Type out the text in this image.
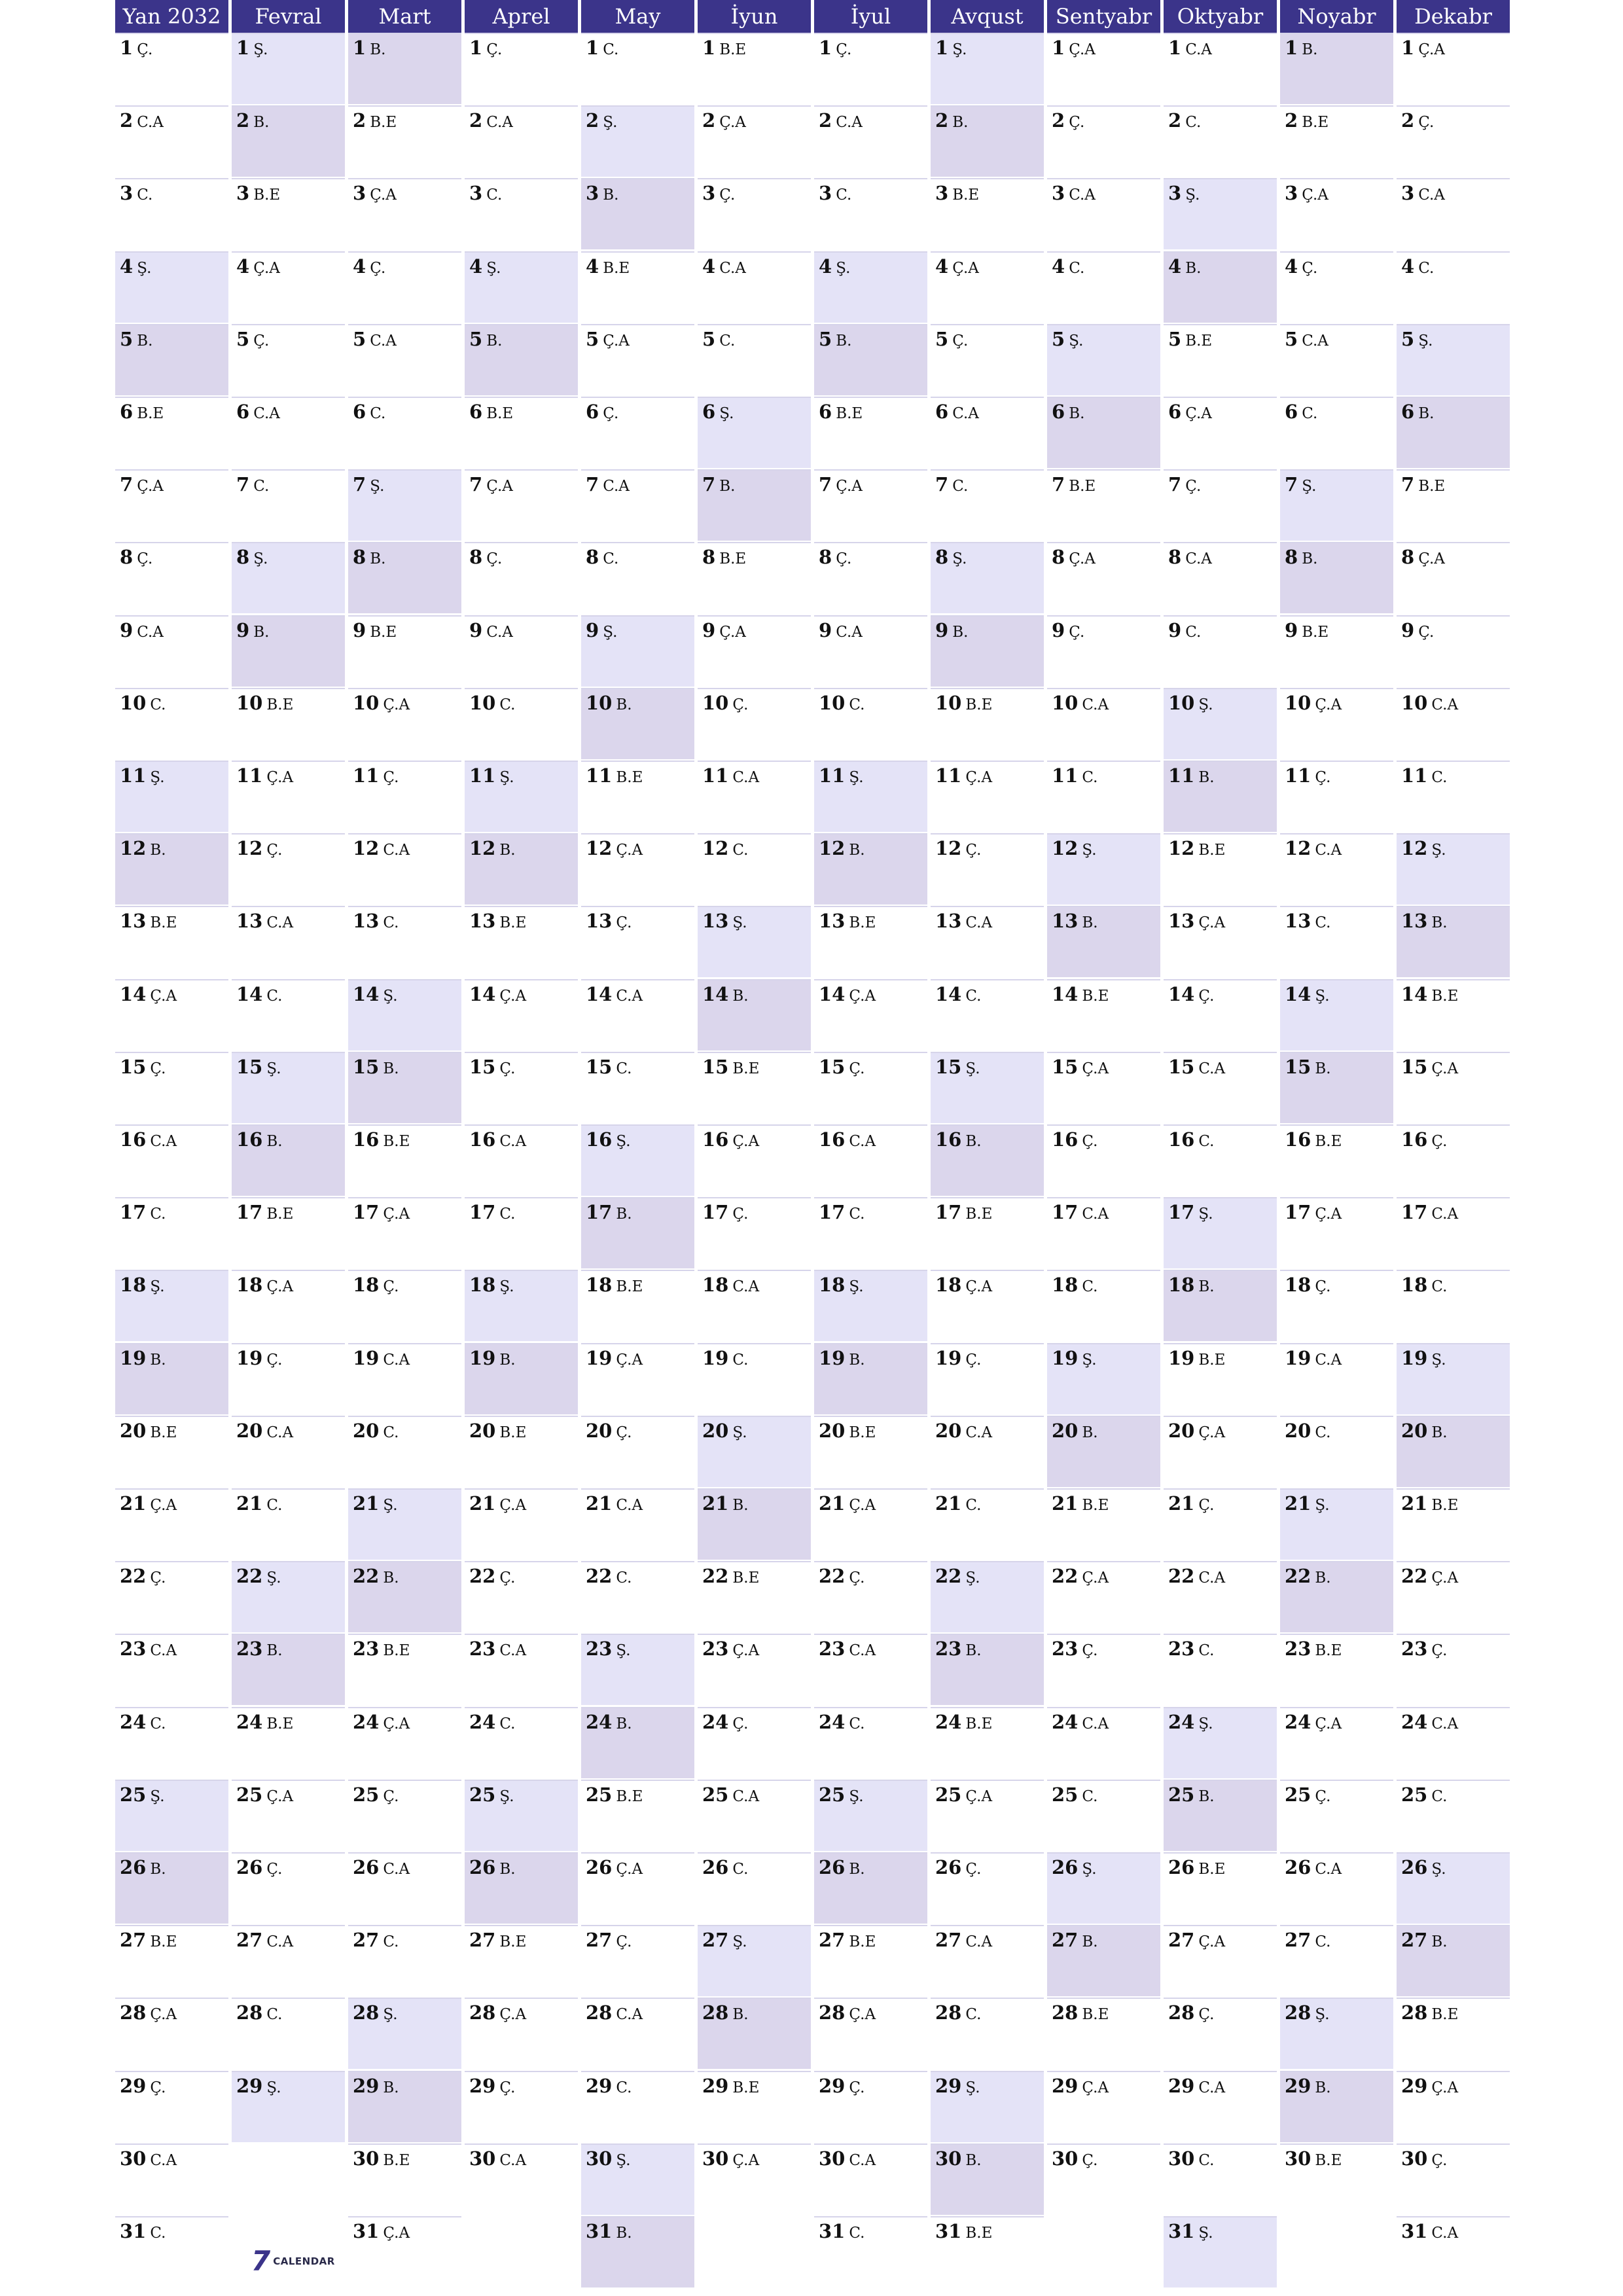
Yan 2032
1 Ç.
2 C.A
3 C.
4 Ş.
5 B.
6 B.E
7 Ç.A
8 Ç.
9 C.A
10 C.
11 Ş.
12 B.
13 B.E
14 Ç.A
15 Ç.
16 C.A
17 C.
18 Ş.
19 B.
20 B.E
21 Ç.A
22 Ç.
23 C.A
24 C.
25 Ş.
26 B.
27 B.E
28 Ç.A
29 Ç.
30 C.A
31 C.
Fevral
1 Ş.
2 B.
3 B.E
4 Ç.A
5 Ç.
6 C.A
7 C.
8 Ş.
9 B.
10 B.E
11 Ç.A
12 Ç.
13 C.A
14 C.
15 Ş.
16 B.
17 B.E
18 Ç.A
19 Ç.
20 C.A
21 C.
22 Ş.
23 B.
24 B.E
25 Ç.A
26 Ç.
27 C.A
28 C.
29 Ş.
Mart
1 B.
2 B.E
3 Ç.A
4 Ç.
5 C.A
6 C.
7 Ş.
8 B.
9 B.E
10 Ç.A
11 Ç.
12 C.A
13 C.
14 Ş.
15 B.
16 B.E
17 Ç.A
18 Ç.
19 C.A
20 C.
21 Ş.
22 B.
23 B.E
24 Ç.A
25 Ç.
26 C.A
27 C.
28 Ş.
29 B.
30 B.E
31 Ç.A
Aprel
1 Ç.
2 C.A
3 C.
4 Ş.
5 B.
6 B.E
7 Ç.A
8 Ç.
9 C.A
10 C.
11 Ş.
12 B.
13 B.E
14 Ç.A
15 Ç.
16 C.A
17 C.
18 Ş.
19 B.
20 B.E
21 Ç.A
22 Ç.
23 C.A
24 C.
25 Ş.
26 B.
27 B.E
28 Ç.A
29 Ç.
30 C.A
May
1 C.
2 Ş.
3 B.
4 B.E
5 Ç.A
6 Ç.
7 C.A
8 C.
9 Ş.
10 B.
11 B.E
12 Ç.A
13 Ç.
14 C.A
15 C.
16 Ş.
17 B.
18 B.E
19 Ç.A
20 Ç.
21 C.A
22 C.
23 Ş.
24 B.
25 B.E
26 Ç.A
27 Ç.
28 C.A
29 C.
30 Ş.
31 B.
İyun
1 B.E
2 Ç.A
3 Ç.
4 C.A
5 C.
6 Ş.
7 B.
8 B.E
9 Ç.A
10 Ç.
11 C.A
12 C.
13 Ş.
14 B.
15 B.E
16 Ç.A
17 Ç.
18 C.A
19 C.
20 Ş.
21 B.
22 B.E
23 Ç.A
24 Ç.
25 C.A
26 C.
27 Ş.
28 B.
29 B.E
30 Ç.A
İyul
1 Ç.
2 C.A
3 C.
4 Ş.
5 B.
6 B.E
7 Ç.A
8 Ç.
9 C.A
10 C.
11 Ş.
12 B.
13 B.E
14 Ç.A
15 Ç.
16 C.A
17 C.
18 Ş.
19 B.
20 B.E
21 Ç.A
22 Ç.
23 C.A
24 C.
25 Ş.
26 B.
27 B.E
28 Ç.A
29 Ç.
30 C.A
31 C.
Avqust
1 Ş.
2 B.
3 B.E
4 Ç.A
5 Ç.
6 C.A
7 C.
8 Ş.
9 B.
10 B.E
11 Ç.A
12 Ç.
13 C.A
14 C.
15 Ş.
16 B.
17 B.E
18 Ç.A
19 Ç.
20 C.A
21 C.
22 Ş.
23 B.
24 B.E
25 Ç.A
26 Ç.
27 C.A
28 C.
29 Ş.
30 B.
31 B.E
Sentyabr
1 Ç.A
2 Ç.
3 C.A
4 C.
5 Ş.
6 B.
7 B.E
8 Ç.A
9 Ç.
10 C.A
11 C.
12 Ş.
13 B.
14 B.E
15 Ç.A
16 Ç.
17 C.A
18 C.
19 Ş.
20 B.
21 B.E
22 Ç.A
23 Ç.
24 C.A
25 C.
26 Ş.
27 B.
28 B.E
29 Ç.A
30 Ç.
Oktyabr
1 C.A
2 C.
3 Ş.
4 B.
5 B.E
6 Ç.A
7 Ç.
8 C.A
9 C.
10 Ş.
11 B.
12 B.E
13 Ç.A
14 Ç.
15 C.A
16 C.
17 Ş.
18 B.
19 B.E
20 Ç.A
21 Ç.
22 C.A
23 C.
24 Ş.
25 B.
26 B.E
27 Ç.A
28 Ç.
29 C.A
30 C.
31 Ş.
Noyabr
1 B.
2 B.E
3 Ç.A
4 Ç.
5 C.A
6 C.
7 Ş.
8 B.
9 B.E
10 Ç.A
11 Ç.
12 C.A
13 C.
14 Ş.
15 B.
16 B.E
17 Ç.A
18 Ç.
19 C.A
20 C.
21 Ş.
22 B.
23 B.E
24 Ç.A
25 Ç.
26 C.A
27 C.
28 Ş.
29 B.
30 B.E
Dekabr
1 Ç.A
2 Ç.
3 C.A
4 C.
5 Ş.
6 B.
7 B.E
8 Ç.A
9 Ç.
10 C.A
11 C.
12 Ş.
13 B.
14 B.E
15 Ç.A
16 Ç.
17 C.A
18 C.
19 Ş.
20 B.
21 B.E
22 Ç.A
23 Ç.
24 C.A
25 C.
26 Ş.
27 B.
28 B.E
29 Ç.A
30 Ç.
31 C.A
7 CALENDAR
